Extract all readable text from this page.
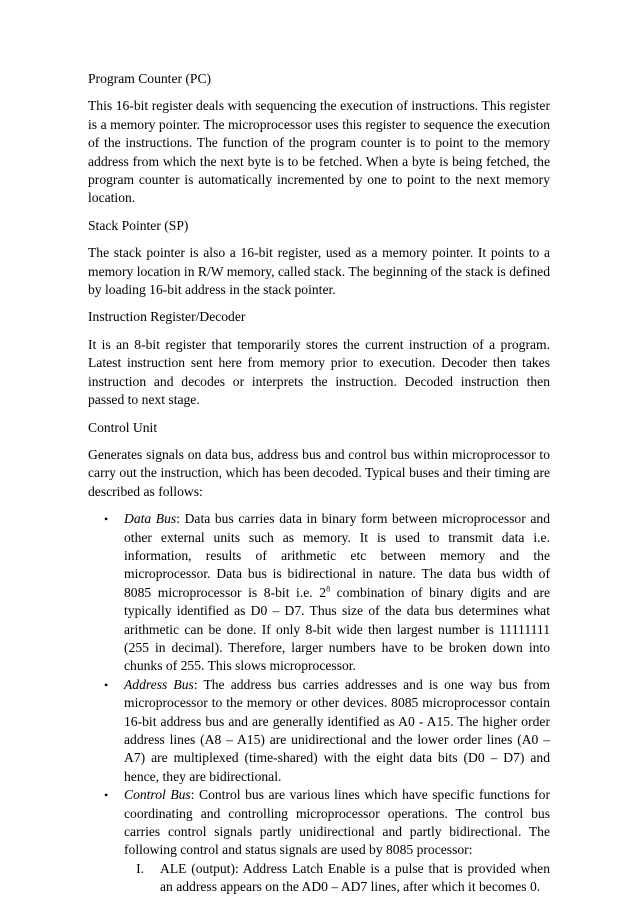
Program Counter (PC)

This 16-bit register deals with sequencing the execution of instructions. This register is a memory pointer. The microprocessor uses this register to sequence the execution of the instructions. The function of the program counter is to point to the memory address from which the next byte is to be fetched. When a byte is being fetched, the program counter is automatically incremented by one to point to the next memory location.

Stack Pointer (SP)

The stack pointer is also a 16-bit register, used as a memory pointer. It points to a memory location in R/W memory, called stack. The beginning of the stack is defined by loading 16-bit address in the stack pointer.

Instruction Register/Decoder

It is an 8-bit register that temporarily stores the current instruction of a program. Latest instruction sent here from memory prior to execution. Decoder then takes instruction and decodes or interprets the instruction. Decoded instruction then passed to next stage.

Control Unit

Generates signals on data bus, address bus and control bus within microprocessor to carry out the instruction, which has been decoded. Typical buses and their timing are described as follows:

• Data Bus: Data bus carries data in binary form between microprocessor and other external units such as memory. It is used to transmit data i.e. information, results of arithmetic etc between memory and the microprocessor. Data bus is bidirectional in nature. The data bus width of 8085 microprocessor is 8-bit i.e. $2^8$ combination of binary digits and are typically identified as D0 – D7. Thus size of the data bus determines what arithmetic can be done. If only 8-bit wide then largest number is 11111111 (255 in decimal). Therefore, larger numbers have to be broken down into chunks of 255. This slows microprocessor.
• Address Bus: The address bus carries addresses and is one way bus from microprocessor to the memory or other devices. 8085 microprocessor contain 16-bit address bus and are generally identified as A0 - A15. The higher order address lines (A8 – A15) are unidirectional and the lower order lines (A0 – A7) are multiplexed (time-shared) with the eight data bits (D0 – D7) and hence, they are bidirectional.
• Control Bus: Control bus are various lines which have specific functions for coordinating and controlling microprocessor operations. The control bus carries control signals partly unidirectional and partly bidirectional. The following control and status signals are used by 8085 processor:
I. ALE (output): Address Latch Enable is a pulse that is provided when an address appears on the AD0 – AD7 lines, after which it becomes 0.
